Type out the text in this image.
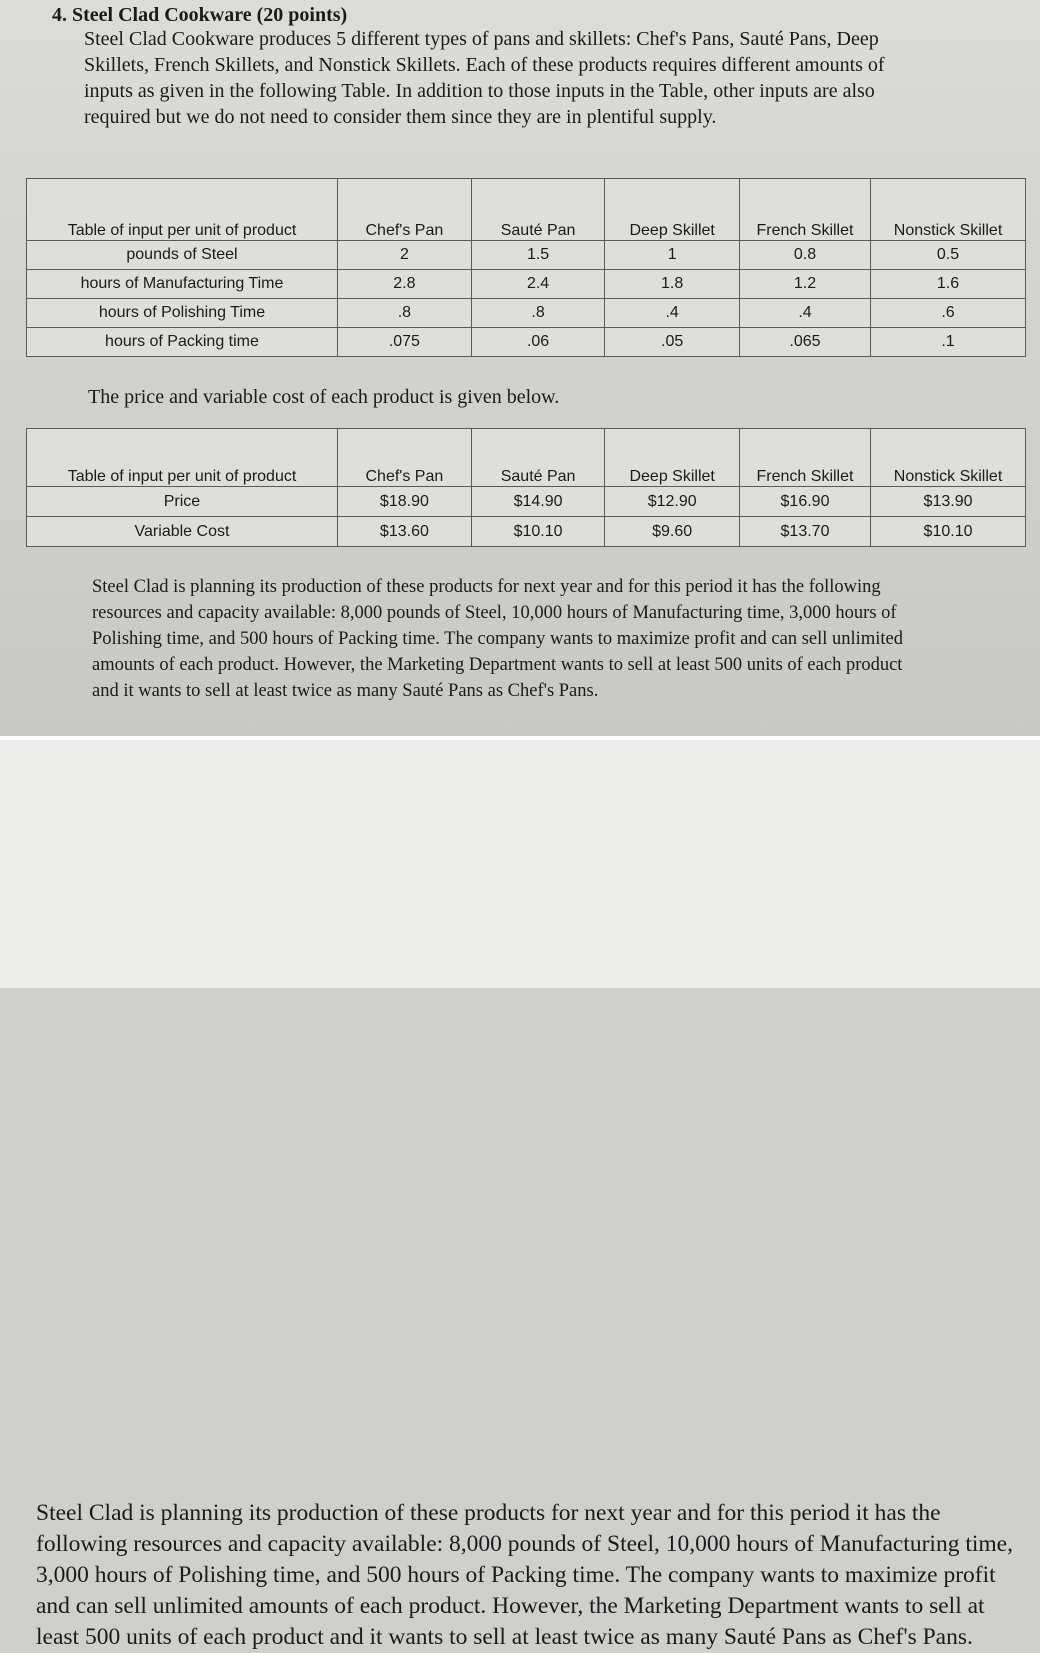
4. Steel Clad Cookware (20 points)
Steel Clad Cookware produces 5 different types of pans and skillets: Chef's Pans, Sauté Pans, Deep Skillets, French Skillets, and Nonstick Skillets. Each of these products requires different amounts of inputs as given in the following Table. In addition to those inputs in the Table, other inputs are also required but we do not need to consider them since they are in plentiful supply.
Table of input per unit of product	Chef's Pan	Sauté Pan	Deep Skillet	French Skillet	Nonstick Skillet
pounds of Steel	2	1.5	1	0.8	0.5
hours of Manufacturing Time	2.8	2.4	1.8	1.2	1.6
hours of Polishing Time	.8	.8	.4	.4	.6
hours of Packing time	.075	.06	.05	.065	.1
The price and variable cost of each product is given below.
Table of input per unit of product	Chef's Pan	Sauté Pan	Deep Skillet	French Skillet	Nonstick Skillet
Price	$18.90	$14.90	$12.90	$16.90	$13.90
Variable Cost	$13.60	$10.10	$9.60	$13.70	$10.10
Steel Clad is planning its production of these products for next year and for this period it has the following resources and capacity available: 8,000 pounds of Steel, 10,000 hours of Manufacturing time, 3,000 hours of Polishing time, and 500 hours of Packing time. The company wants to maximize profit and can sell unlimited amounts of each product. However, the Marketing Department wants to sell at least 500 units of each product and it wants to sell at least twice as many Sauté Pans as Chef's Pans.
Steel Clad is planning its production of these products for next year and for this period it has the following resources and capacity available: 8,000 pounds of Steel, 10,000 hours of Manufacturing time, 3,000 hours of Polishing time, and 500 hours of Packing time. The company wants to maximize profit and can sell unlimited amounts of each product. However, the Marketing Department wants to sell at least 500 units of each product and it wants to sell at least twice as many Sauté Pans as Chef's Pans.
